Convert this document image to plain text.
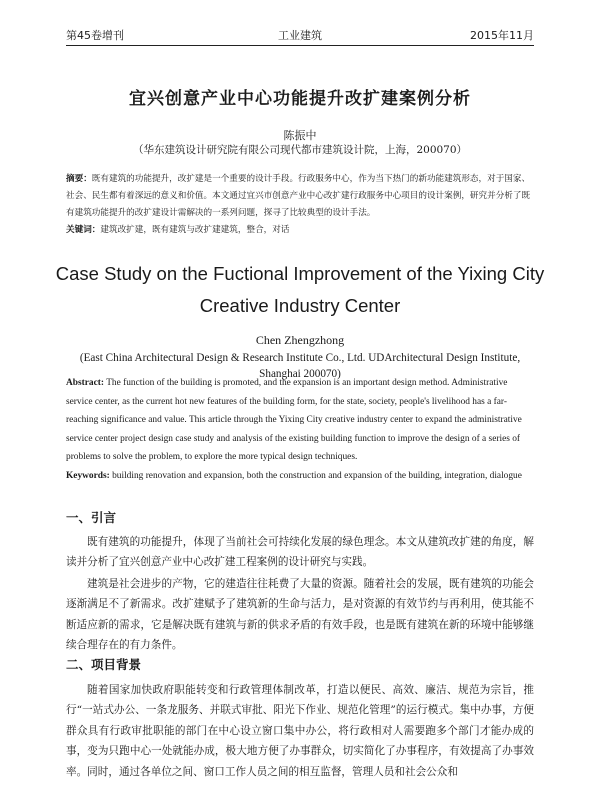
第45卷增刊	工业建筑	2015年11月
宜兴创意产业中心功能提升改扩建案例分析
陈振中
（华东建筑设计研究院有限公司现代都市建筑设计院，上海，200070）
摘要：既有建筑的功能提升，改扩建是一个重要的设计手段。行政服务中心，作为当下热门的新功能建筑形态，对于国家、社会、民生都有着深远的意义和价值。本文通过宜兴市创意产业中心改扩建行政服务中心项目的设计案例，研究并分析了既有建筑功能提升的改扩建设计需解决的一系列问题，探寻了比较典型的设计手法。
关键词：建筑改扩建，既有建筑与改扩建建筑，整合，对话
Case Study on the Fuctional Improvement of the Yixing City
Creative Industry Center
Chen Zhengzhong
(East China Architectural Design & Research Institute Co., Ltd. UDArchitectural Design Institute,
Shanghai 200070)
Abstract: The function of the building is promoted, and the expansion is an important design method. Administrative service center, as the current hot new features of the building form, for the state, society, people's livelihood has a far-reaching significance and value. This article through the Yixing City creative industry center to expand the administrative service center project design case study and analysis of the existing building function to improve the design of a series of problems to solve the problem, to explore the more typical design techniques.
Keywords: building renovation and expansion, both the construction and expansion of the building, integration, dialogue
一、引言
既有建筑的功能提升，体现了当前社会可持续化发展的绿色理念。本文从建筑改扩建的角度，解读并分析了宜兴创意产业中心改扩建工程案例的设计研究与实践。
建筑是社会进步的产物，它的建造往往耗费了大量的资源。随着社会的发展，既有建筑的功能会逐渐满足不了新需求。改扩建赋予了建筑新的生命与活力，是对资源的有效节约与再利用，使其能不断适应新的需求，它是解决既有建筑与新的供求矛盾的有效手段，也是既有建筑在新的环境中能够继续合理存在的有力条件。
二、项目背景
随着国家加快政府职能转变和行政管理体制改革，打造以便民、高效、廉洁、规范为宗旨，推行“一站式办公、一条龙服务、并联式审批、阳光下作业、规范化管理”的运行模式。集中办事，方便群众具有行政审批职能的部门在中心设立窗口集中办公，将行政相对人需要跑多个部门才能办成的事，变为只跑中心一处就能办成，极大地方便了办事群众，切实简化了办事程序，有效提高了办事效率。同时，通过各单位之间、窗口工作人员之间的相互监督，管理人员和社会公众和
